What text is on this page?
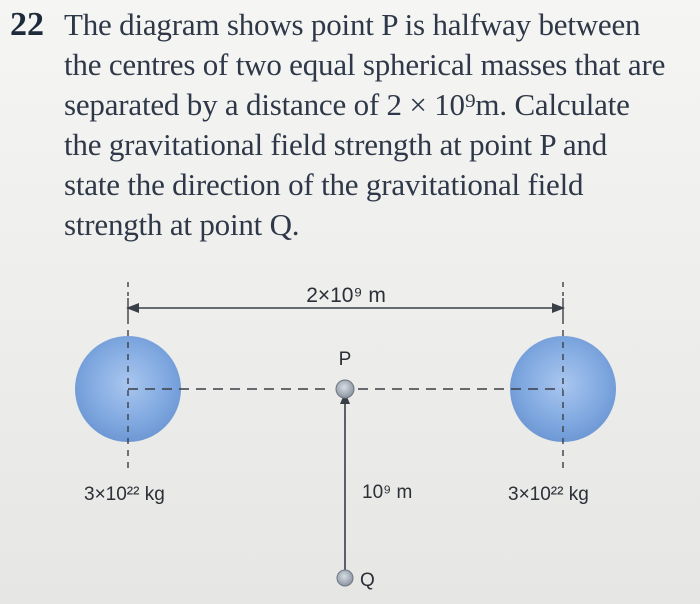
22 The diagram shows point P is halfway between
the centres of two equal spherical masses that are
separated by a distance of 2 × 10⁹m. Calculate
the gravitational field strength at point P and
state the direction of the gravitational field
strength at point Q.
2×10⁹ m
P
Q
10⁹ m
3×10²² kg	3×10²² kg
